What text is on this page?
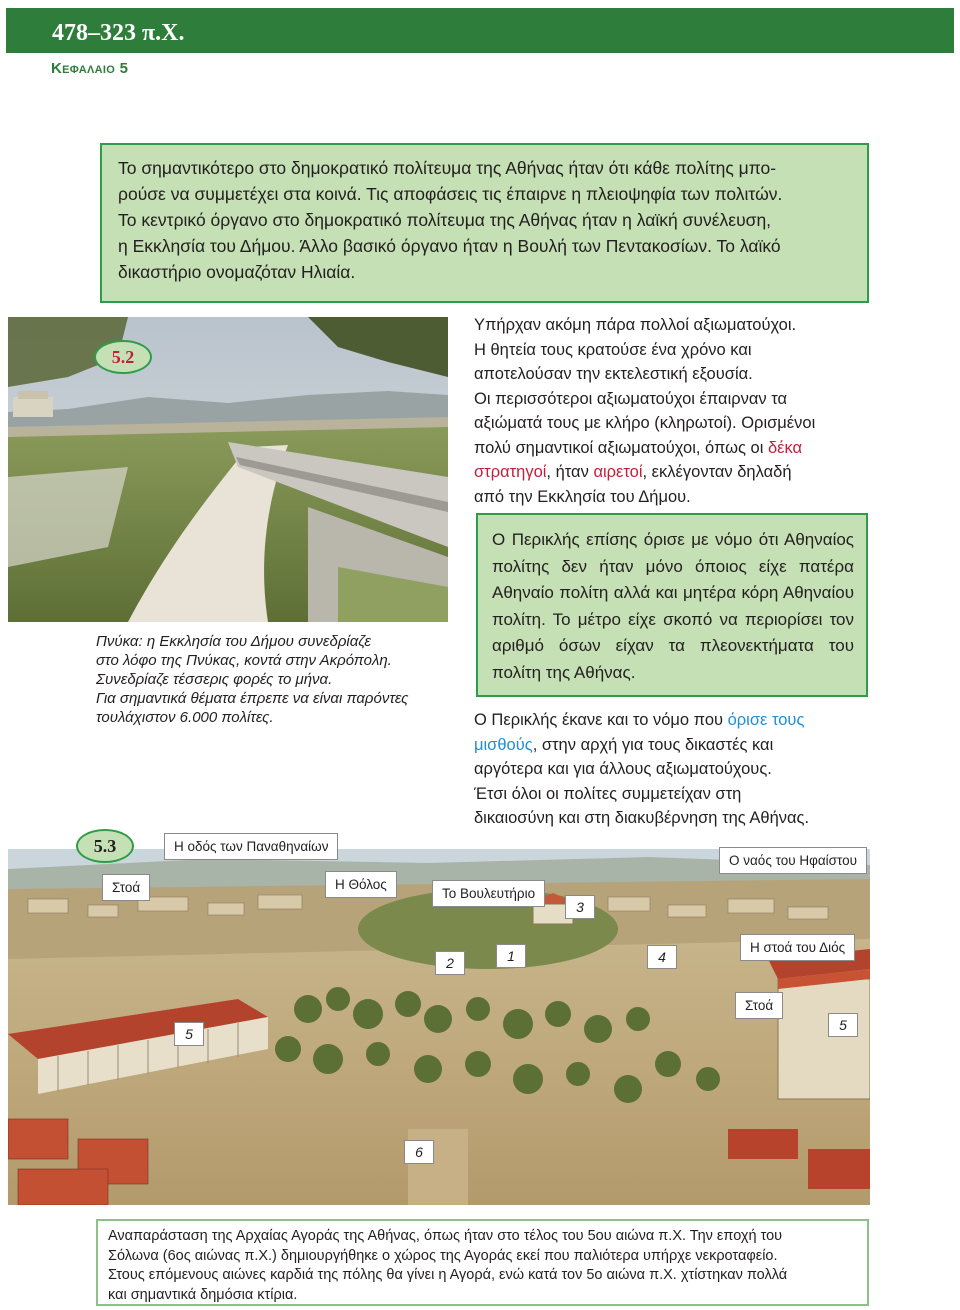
478–323 π.Χ.
Κεφαλαιο 5

Το σημαντικότερο στο δημοκρατικό πολίτευμα της Αθήνας ήταν ότι κάθε πολίτης μπο-

ρούσε να συμμετέχει στα κοινά. Τις αποφάσεις τις έπαιρνε η πλειοψηφία των πολιτών.

Το κεντρικό όργανο στο δημοκρατικό πολίτευμα της Αθήνας ήταν η λαϊκή συνέλευση,

η Εκκλησία του Δήμου. Άλλο βασικό όργανο ήταν η Βουλή των Πεντακοσίων. Το λαϊκό

δικαστήριο ονομαζόταν Ηλιαία.

5.2
Πνύκα: η Εκκλησία του Δήμου συνεδρίαζε
στο λόφο της Πνύκας, κοντά στην Ακρόπολη.
Συνεδρίαζε τέσσερις φορές το μήνα.
Για σημαντικά θέματα έπρεπε να είναι παρόντες
τουλάχιστον 6.000 πολίτες.
Υπήρχαν ακόμη πάρα πολλοί αξιωματούχοι.
Η θητεία τους κρατούσε ένα χρόνο και
αποτελούσαν την εκτελεστική εξουσία.
Οι περισσότεροι αξιωματούχοι έπαιρναν τα
αξιώματά τους με κλήρο (κληρωτοί). Ορισμένοι
πολύ σημαντικοί αξιωματούχοι, όπως οι δέκα
στρατηγοί, ήταν αιρετοί, εκλέγονταν δηλαδή
από την Εκκλησία του Δήμου.
Ο Περικλής επίσης όρισε με νόμο ότι Αθηναίος πολίτης δεν ήταν μόνο όποιος είχε πατέρα Αθηναίο πολίτη αλλά και μητέρα κόρη Αθηναίου πολίτη. Το μέτρο είχε σκοπό να περιορίσει τον αριθμό όσων είχαν τα πλεονεκτήματα του πολίτη της Αθήνας.
Ο Περικλής έκανε και το νόμο που όρισε τους
μισθούς, στην αρχή για τους δικαστές και
αργότερα και για άλλους αξιωματούχους.
Έτσι όλοι οι πολίτες συμμετείχαν στη
δικαιοσύνη και στη διακυβέρνηση της Αθήνας.
5.3	Η οδός των Παναθηναίων
Στοά	Η Θόλος
Το Βουλευτήριο
Ο ναός του Ηφαίστου
Η στοά του Διός
Στοά
3
2	1	4
5
5
6
Αναπαράσταση της Αρχαίας Αγοράς της Αθήνας, όπως ήταν στο τέλος του 5ου αιώνα π.Χ. Την εποχή του
Σόλωνα (6ος αιώνας π.Χ.) δημιουργήθηκε ο χώρος της Αγοράς εκεί που παλιότερα υπήρχε νεκροταφείο.
Στους επόμενους αιώνες καρδιά της πόλης θα γίνει η Αγορά, ενώ κατά τον 5ο αιώνα π.Χ. χτίστηκαν πολλά
και σημαντικά δημόσια κτίρια.
